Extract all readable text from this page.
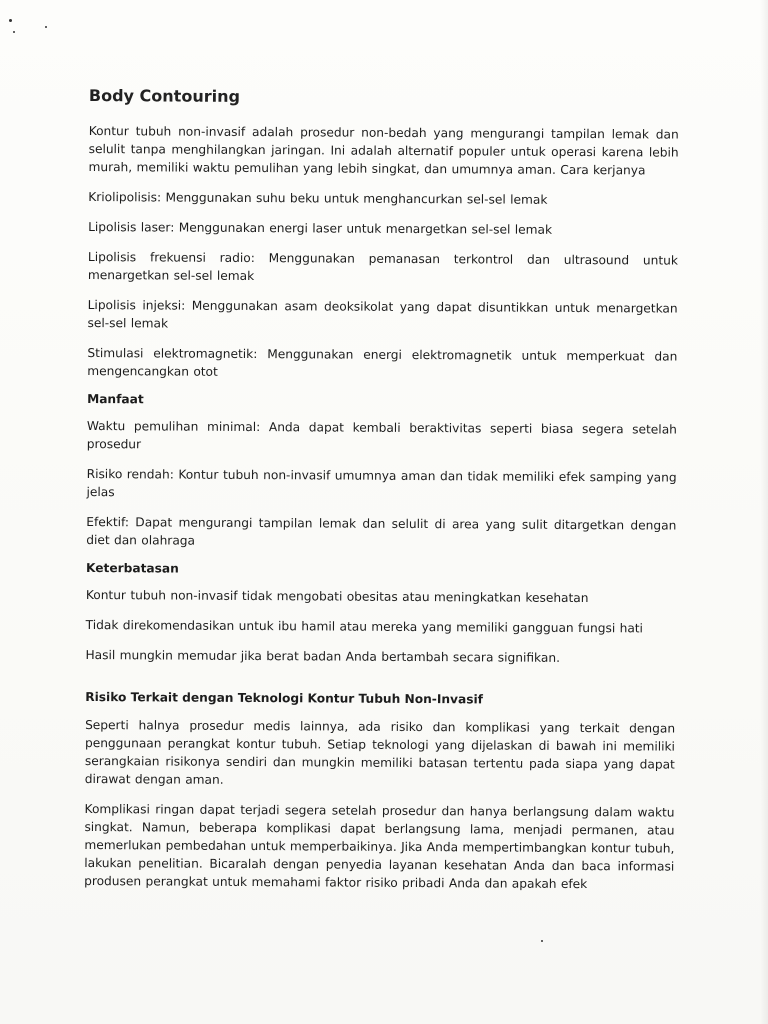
Body Contouring

Kontur tubuh non-invasif adalah prosedur non-bedah yang mengurangi tampilan lemak dan selulit tanpa menghilangkan jaringan. Ini adalah alternatif populer untuk operasi karena lebih murah, memiliki waktu pemulihan yang lebih singkat, dan umumnya aman. Cara kerjanya

Kriolipolisis: Menggunakan suhu beku untuk menghancurkan sel-sel lemak

Lipolisis laser: Menggunakan energi laser untuk menargetkan sel-sel lemak

Lipolisis frekuensi radio: Menggunakan pemanasan terkontrol dan ultrasound untuk menargetkan sel-sel lemak

Lipolisis injeksi: Menggunakan asam deoksikolat yang dapat disuntikkan untuk menargetkan sel-sel lemak

Stimulasi elektromagnetik: Menggunakan energi elektromagnetik untuk memperkuat dan mengencangkan otot

Manfaat

Waktu pemulihan minimal: Anda dapat kembali beraktivitas seperti biasa segera setelah prosedur

Risiko rendah: Kontur tubuh non-invasif umumnya aman dan tidak memiliki efek samping yang jelas

Efektif: Dapat mengurangi tampilan lemak dan selulit di area yang sulit ditargetkan dengan diet dan olahraga

Keterbatasan

Kontur tubuh non-invasif tidak mengobati obesitas atau meningkatkan kesehatan

Tidak direkomendasikan untuk ibu hamil atau mereka yang memiliki gangguan fungsi hati

Hasil mungkin memudar jika berat badan Anda bertambah secara signifikan.

Risiko Terkait dengan Teknologi Kontur Tubuh Non-Invasif

Seperti halnya prosedur medis lainnya, ada risiko dan komplikasi yang terkait dengan penggunaan perangkat kontur tubuh. Setiap teknologi yang dijelaskan di bawah ini memiliki serangkaian risikonya sendiri dan mungkin memiliki batasan tertentu pada siapa yang dapat dirawat dengan aman.

Komplikasi ringan dapat terjadi segera setelah prosedur dan hanya berlangsung dalam waktu singkat. Namun, beberapa komplikasi dapat berlangsung lama, menjadi permanen, atau memerlukan pembedahan untuk memperbaikinya. Jika Anda mempertimbangkan kontur tubuh, lakukan penelitian. Bicaralah dengan penyedia layanan kesehatan Anda dan baca informasi produsen perangkat untuk memahami faktor risiko pribadi Anda dan apakah efek
